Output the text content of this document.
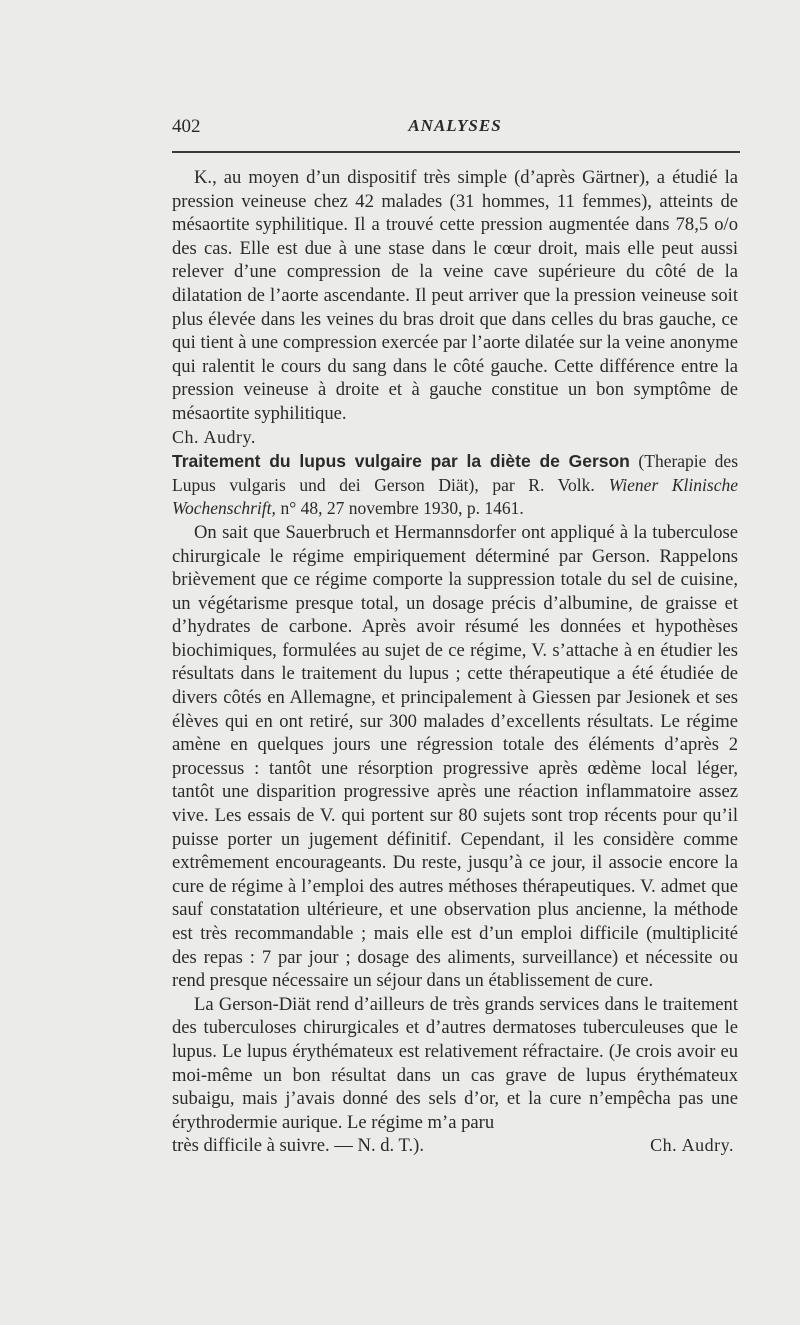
402	ANALYSES

K., au moyen d’un dispositif très simple (d’après Gärtner), a étudié la pression veineuse chez 42 malades (31 hommes, 11 femmes), atteints de mésaortite syphilitique. Il a trouvé cette pression augmentée dans 78,5 o/o des cas. Elle est due à une stase dans le cœur droit, mais elle peut aussi relever d’une compression de la veine cave supérieure du côté de la dilatation de l’aorte ascendante. Il peut arriver que la pression veineuse soit plus élevée dans les veines du bras droit que dans celles du bras gauche, ce qui tient à une compression exercée par l’aorte dilatée sur la veine anonyme qui ralentit le cours du sang dans le côté gauche. Cette différence entre la pression veineuse à droite et à gauche constitue un bon symptôme de mésaortite syphilitique.

Ch. Audry.

Traitement du lupus vulgaire par la diète de Gerson (Therapie des Lupus vulgaris und dei Gerson Diät), par R. Volk. Wiener Klinische Wochenschrift, n° 48, 27 novembre 1930, p. 1461.

On sait que Sauerbruch et Hermannsdorfer ont appliqué à la tuberculose chirurgicale le régime empiriquement déterminé par Gerson. Rappelons brièvement que ce régime comporte la suppression totale du sel de cuisine, un végétarisme presque total, un dosage précis d’albumine, de graisse et d’hydrates de carbone. Après avoir résumé les données et hypothèses biochimiques, formulées au sujet de ce régime, V. s’attache à en étudier les résultats dans le traitement du lupus ; cette thérapeutique a été étudiée de divers côtés en Allemagne, et principalement à Giessen par Jesionek et ses élèves qui en ont retiré, sur 300 malades d’excellents résultats. Le régime amène en quelques jours une régression totale des éléments d’après 2 processus : tantôt une résorption progressive après œdème local léger, tantôt une disparition progressive après une réaction inflammatoire assez vive. Les essais de V. qui portent sur 80 sujets sont trop récents pour qu’il puisse porter un jugement définitif. Cependant, il les considère comme extrêmement encourageants. Du reste, jusqu’à ce jour, il associe encore la cure de régime à l’emploi des autres méthoses thérapeutiques. V. admet que sauf constatation ultérieure, et une observation plus ancienne, la méthode est très recommandable ; mais elle est d’un emploi difficile (multiplicité des repas : 7 par jour ; dosage des aliments, surveillance) et nécessite ou rend presque nécessaire un séjour dans un établissement de cure.

La Gerson-Diät rend d’ailleurs de très grands services dans le traitement des tuberculoses chirurgicales et d’autres dermatoses tuberculeuses que le lupus. Le lupus érythémateux est relativement réfractaire. (Je crois avoir eu moi-même un bon résultat dans un cas grave de lupus érythémateux subaigu, mais j’avais donné des sels d’or, et la cure n’empêcha pas une érythrodermie aurique. Le régime m’a paru

très difficile à suivre. — N. d. T.).	Ch. Audry.
